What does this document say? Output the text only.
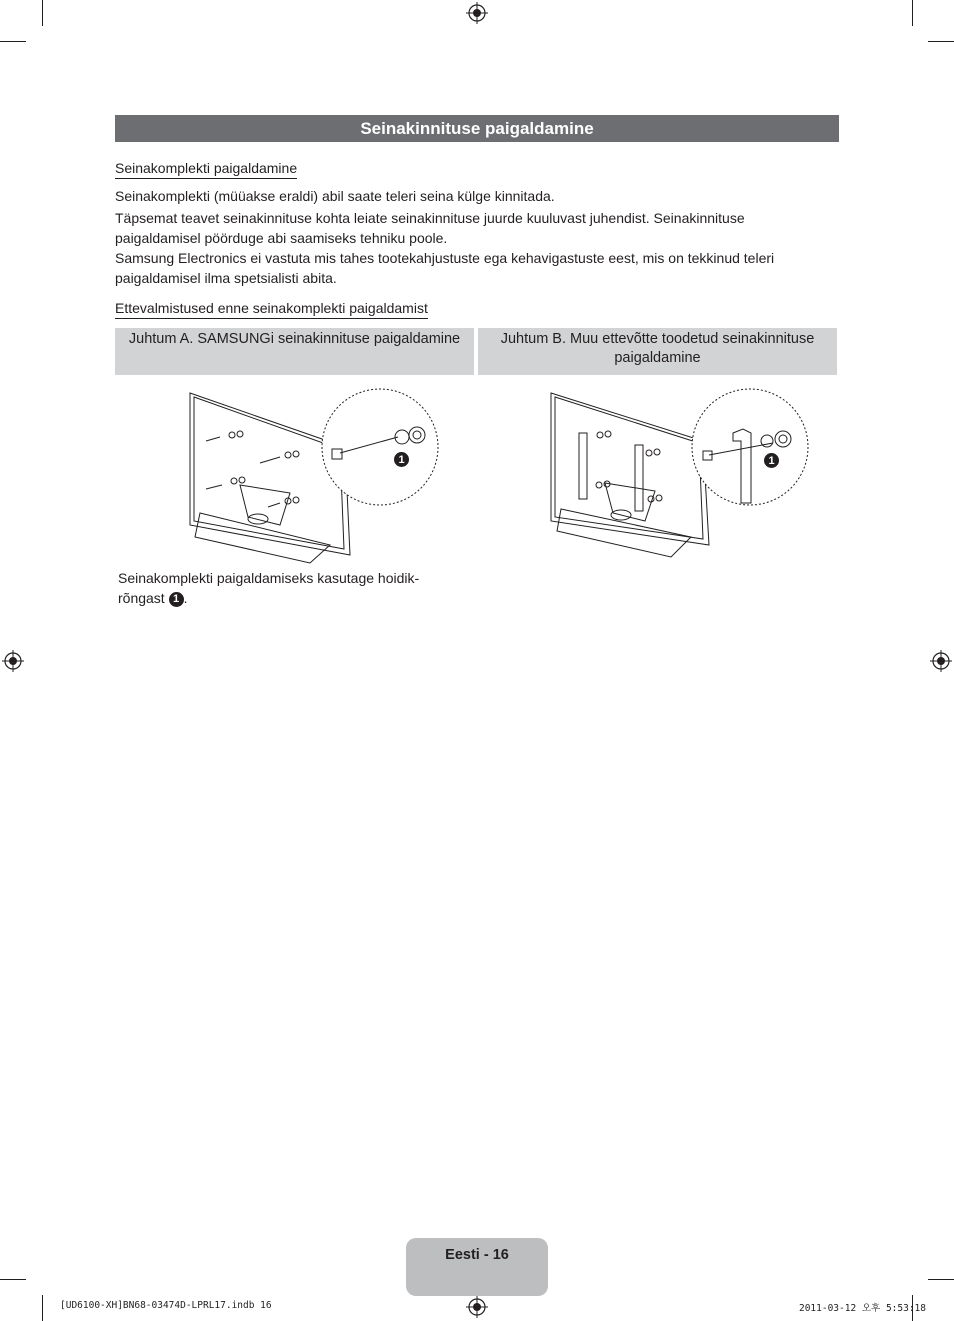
Seinakinnituse paigaldamine
Seinakomplekti paigaldamine
Seinakomplekti (müüakse eraldi) abil saate teleri seina külge kinnitada.
Täpsemat teavet seinakinnituse kohta leiate seinakinnituse juurde kuuluvast juhendist. Seinakinnituse paigaldamisel pöörduge abi saamiseks tehniku poole.
Samsung Electronics ei vastuta mis tahes tootekahjustuste ega kehavigastuste eest, mis on tekkinud teleri paigaldamisel ilma spetsialisti abita.
Ettevalmistused enne seinakomplekti paigaldamist
Juhtum A. SAMSUNGi seinakinnituse paigaldamine	Juhtum B. Muu ettevõtte toodetud seinakinnituse paigaldamine
1	1
Seinakomplekti paigaldamiseks kasutage hoidik-rõngast 1 .
Eesti - 16
[UD6100-XH]BN68-03474D-LPRL17.indb 16	2011-03-12 오후 5:53:18
